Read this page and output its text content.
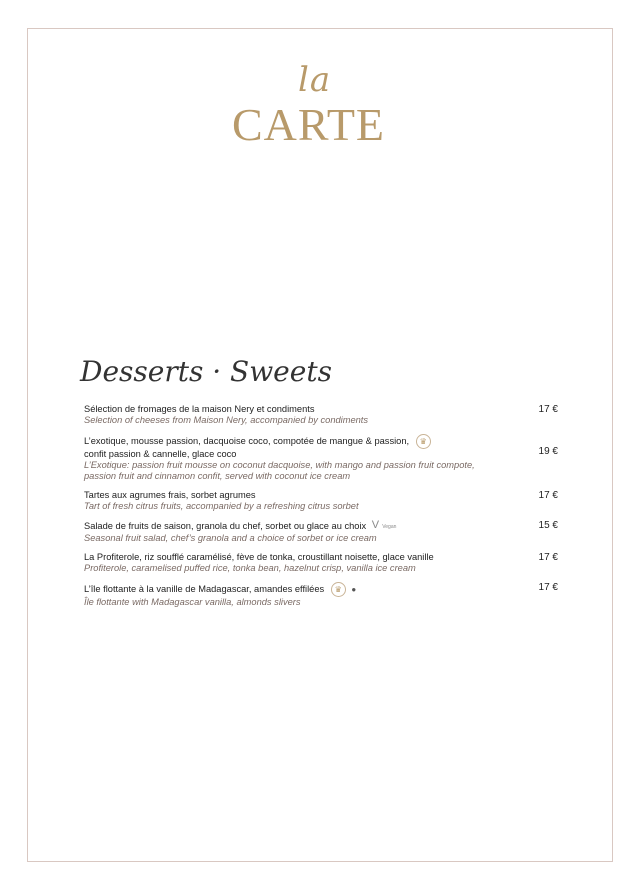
la
CARTE
Desserts · Sweets
17 €
Sélection de fromages de la maison Nery et condiments
Selection of cheeses from Maison Nery, accompanied by condiments
19 €
L’exotique, mousse passion, dacquoise coco, compotée de mangue & passion, ♛
confit passion & cannelle, glace coco
L’Exotique: passion fruit mousse on coconut dacquoise, with mango and passion fruit compote,
passion fruit and cinnamon confit, served with coconut ice cream
17 €
Tartes aux agrumes frais, sorbet agrumes
Tart of fresh citrus fruits, accompanied by a refreshing citrus sorbet
15 €
Salade de fruits de saison, granola du chef, sorbet ou glace au choix V Vegan
Seasonal fruit salad, chef’s granola and a choice of sorbet or ice cream
17 €
La Profiterole, riz soufflé caramélisé, fève de tonka, croustillant noisette, glace vanille
Profiterole, caramelised puffed rice, tonka bean, hazelnut crisp, vanilla ice cream
17 €
L’île flottante à la vanille de Madagascar, amandes effilées ♛ ●
Île flottante with Madagascar vanilla, almonds slivers
